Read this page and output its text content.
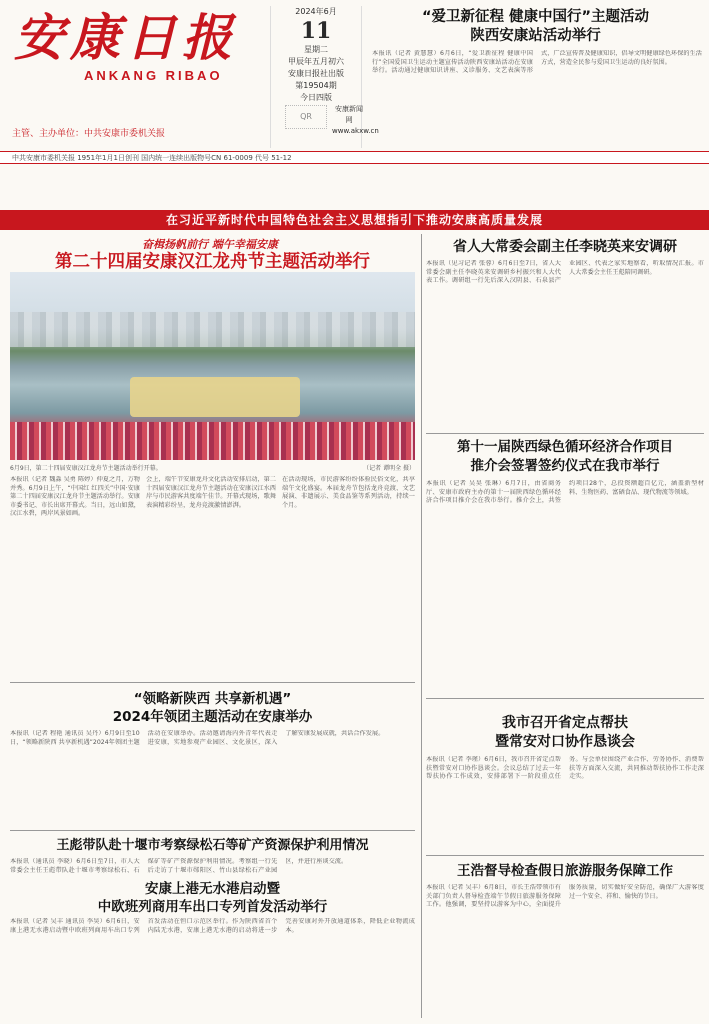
安康日报
ANKANG RIBAO
主管、主办单位：中共安康市委机关报
2024年6月
11
星期二
甲辰年五月初六
安康日报社出版
第19504期
今日四版
QR
安康新闻网
www.akxw.cn
“爱卫新征程 健康中国行”主题活动
陕西安康站活动举行
本报讯（记者 黄慧慧）6月6日，“爱卫新征程 健康中国行”全国爱国卫生运动主题宣传活动陕西安康站活动在安康举行。活动通过健康知识讲座、义诊服务、文艺表演等形式，广泛宣传普及健康知识，倡导文明健康绿色环保的生活方式，营造全民参与爱国卫生运动的良好氛围。
中共安康市委机关报 1951年1月1日创刊 国内统一连续出版物号CN 61-0009 代号 51-12
在习近平新时代中国特色社会主义思想指引下推动安康高质量发展
奋楫扬帆前行 端午幸福安康
第二十四届安康汉江龙舟节主题活动举行
6月9日，第二十四届安康汉江龙舟节主题活动举行开幕。	（记者 谭明全 摄）
本报讯（记者 魏淼 吴勇 陈婷）仲夏之月，万物并秀。6月9日上午，“中国红 红四关”中国·安康第二十四届安康汉江龙舟节主题活动举行。安康市委书记、市长出席开幕式。当日，远山如黛，汉江水碧，两岸风景如画。
会上，端午节安康龙舟文化活动安排启动，第二十四届安康汉江龙舟节主题活动在安康汉江水西岸与市民游客共度端午佳节。开幕式现场，歌舞表演精彩纷呈，龙舟竞渡激情澎湃。
在活动现场，市民游客纷纷体验民俗文化，共享端午文化盛宴。本届龙舟节包括龙舟竞渡、文艺展演、非遗展示、美食品鉴等系列活动，持续一个月。
“领略新陕西 共享新机遇”
2024年领团主题活动在安康举办
本报讯（记者 程艳 通讯员 吴丹）6月9日至10日，“领略新陕西 共享新机遇”2024年领团主题活动在安康举办。活动邀请海内外青年代表走进安康，实地参观产业园区、文化景区，深入了解安康发展成就，共话合作发展。
王彪带队赴十堰市考察绿松石等矿产资源保护利用情况
本报讯（通讯员 李晓）6月6日至7日，市人大常委会主任王彪带队赴十堰市考察绿松石、石煤矿等矿产资源保护利用情况。考察组一行先后走访了十堰市郧阳区、竹山县绿松石产业园区，并进行座谈交流。
安康上港无水港启动暨
中欧班列商用车出口专列首发活动举行
本报讯（记者 吴丰 通讯员 李昊）6月6日，安康上港无水港启动暨中欧班列商用车出口专列首发活动在恒口示范区举行。作为陕西省首个内陆无水港，安康上港无水港的启动将进一步完善安康对外开放通道体系，降低企业物流成本。
省人大常委会副主任李晓英来安调研
本报讯（见习记者 张蓉）6月6日至7日，省人大常委会副主任李晓英来安调研乡村振兴和人大代表工作。调研组一行先后深入汉阴县、石泉县产业园区、代表之家实地察看，听取情况汇报。市人大常委会主任王彪陪同调研。
第十一届陕西绿色循环经济合作项目
推介会签署签约仪式在我市举行
本报讯（记者 吴昊 张琳）6月7日，由省商务厅、安康市政府主办的第十一届陕西绿色循环经济合作项目推介会在我市举行。推介会上，共签约项目28个，总投资额超百亿元，涵盖新型材料、生物医药、富硒食品、现代物流等领域。
我市召开省定点帮扶
暨常安对口协作恳谈会
本报讯（记者 李瑾）6月6日，我市召开省定点帮扶暨常安对口协作恳谈会。会议总结了过去一年帮扶协作工作成效，安排部署下一阶段重点任务。与会单位围绕产业合作、劳务协作、消费帮扶等方面深入交流，共同推动帮扶协作工作走深走实。
王浩督导检查假日旅游服务保障工作
本报讯（记者 吴丰）6月8日，市长王浩带领市有关部门负责人督导检查端午节假日旅游服务保障工作。他强调，要坚持以游客为中心，全面提升服务质量，切实做好安全防范，确保广大游客度过一个安全、祥和、愉快的节日。
